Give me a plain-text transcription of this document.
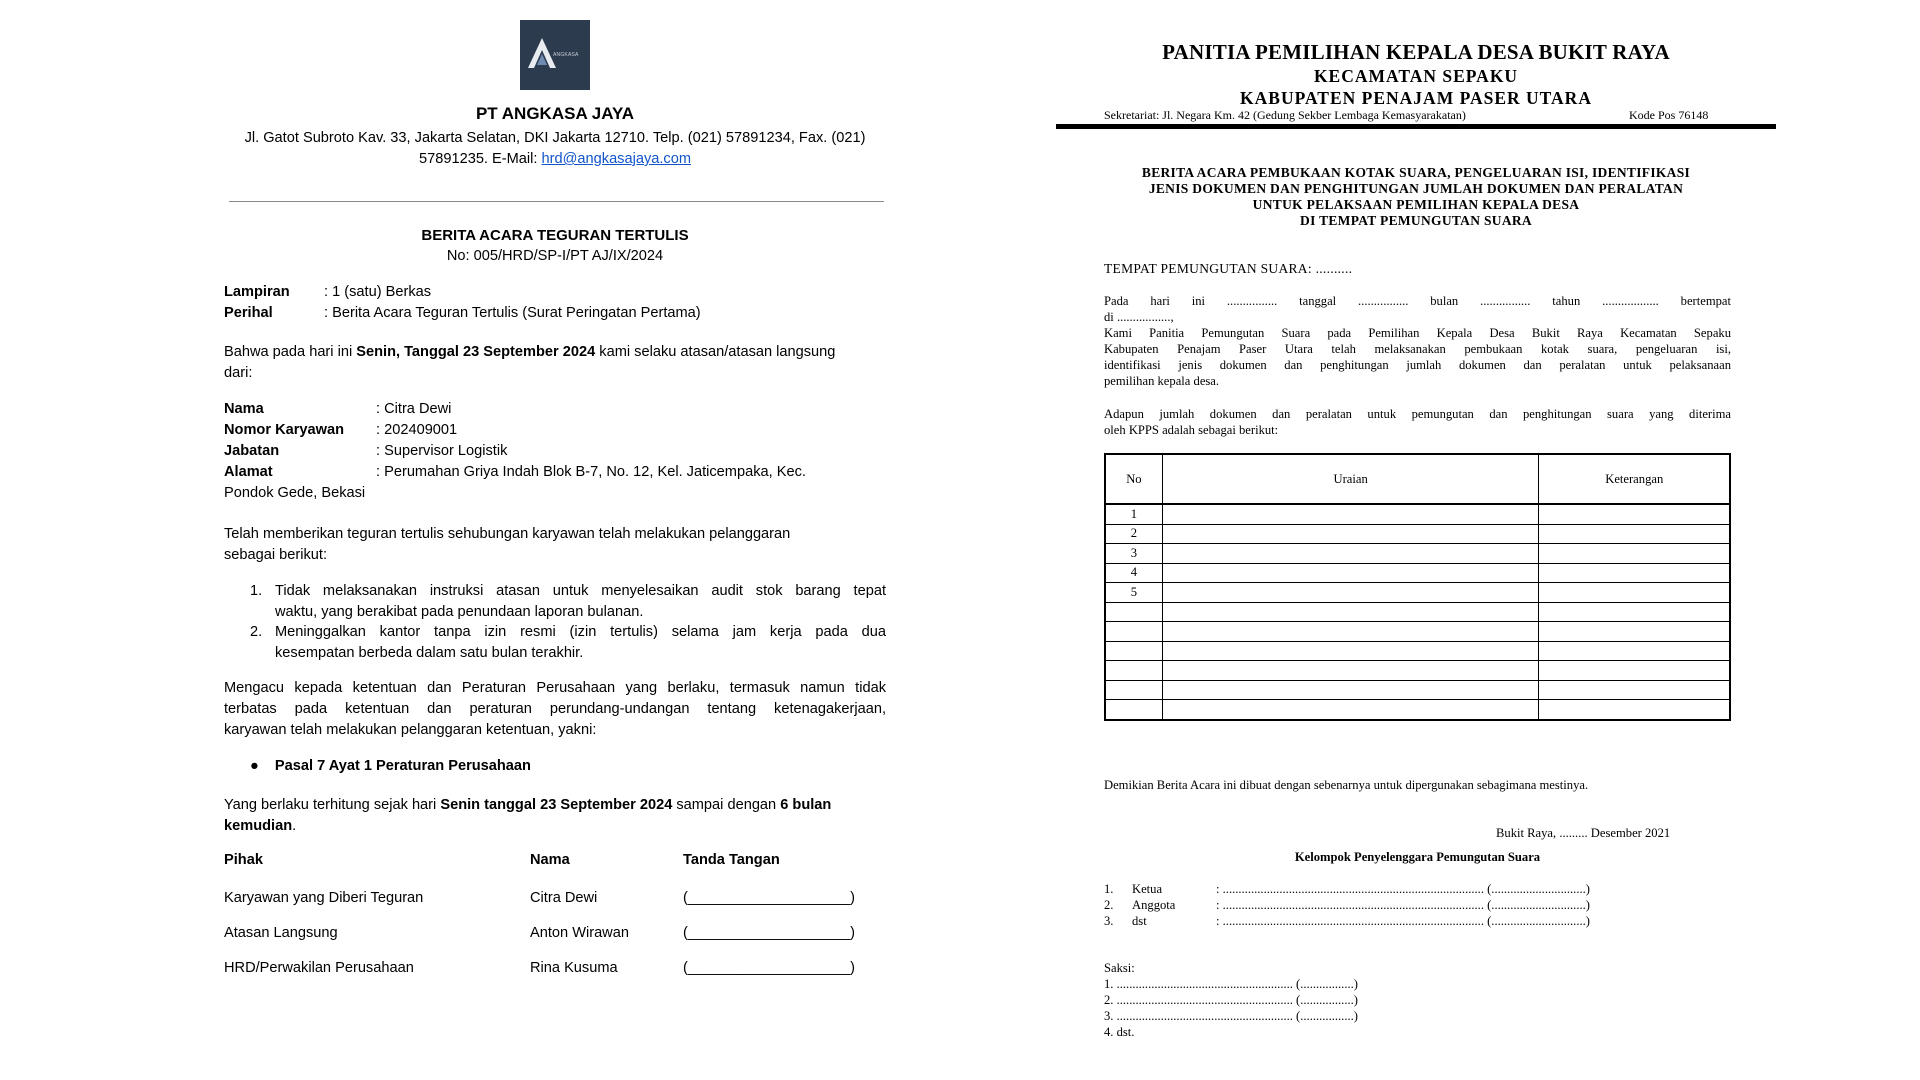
ANGKASA
PT ANGKASA JAYA
Jl. Gatot Subroto Kav. 33, Jakarta Selatan, DKI Jakarta 12710. Telp. (021) 57891234, Fax. (021)
57891235. E-Mail: hrd@angkasajaya.com
BERITA ACARA TEGURAN TERTULIS
No: 005/HRD/SP-I/PT AJ/IX/2024
Lampiran : 1 (satu) Berkas
Perihal	: Berita Acara Teguran Tertulis (Surat Peringatan Pertama)
Bahwa pada hari ini Senin, Tanggal 23 September 2024 kami selaku atasan/atasan langsung
dari:
Nama	: Citra Dewi
Nomor Karyawan : 202409001
Jabatan	: Supervisor Logistik
Alamat	: Perumahan Griya Indah Blok B-7, No. 12, Kel. Jaticempaka, Kec.
Pondok Gede, Bekasi
Telah memberikan teguran tertulis sehubungan karyawan telah melakukan pelanggaran
sebagai berikut:
1. Tidak melaksanakan instruksi atasan untuk menyelesaikan audit stok barang tepat
waktu, yang berakibat pada penundaan laporan bulanan.
2. Meninggalkan kantor tanpa izin resmi (izin tertulis) selama jam kerja pada dua
kesempatan berbeda dalam satu bulan terakhir.
Mengacu kepada ketentuan dan Peraturan Perusahaan yang berlaku, termasuk namun tidak
terbatas pada ketentuan dan peraturan perundang-undangan tentang ketenagakerjaan,
karyawan telah melakukan pelanggaran ketentuan, yakni:
● Pasal 7 Ayat 1 Peraturan Perusahaan
Yang berlaku terhitung sejak hari Senin tanggal 23 September 2024 sampai dengan 6 bulan
kemudian.
Pihak	Nama	Tanda Tangan
Karyawan yang Diberi Teguran	Citra Dewi	(____________________)
Atasan Langsung	Anton Wirawan	(____________________)
HRD/Perwakilan Perusahaan	Rina Kusuma	(____________________)
PANITIA PEMILIHAN KEPALA DESA BUKIT RAYA
KECAMATAN SEPAKU
KABUPATEN PENAJAM PASER UTARA
Sekretariat: Jl. Negara Km. 42 (Gedung Sekber Lembaga Kemasyarakatan)	Kode Pos 76148
BERITA ACARA PEMBUKAAN KOTAK SUARA, PENGELUARAN ISI, IDENTIFIKASI
JENIS DOKUMEN DAN PENGHITUNGAN JUMLAH DOKUMEN DAN PERALATAN
UNTUK PELAKSAAN PEMILIHAN KEPALA DESA
DI TEMPAT PEMUNGUTAN SUARA
TEMPAT PEMUNGUTAN SUARA: ..........
Pada hari ini ................ tanggal ................ bulan ................ tahun .................. bertempat
di .................,
Kami Panitia Pemungutan Suara pada Pemilihan Kepala Desa Bukit Raya Kecamatan Sepaku
Kabupaten Penajam Paser Utara telah melaksanakan pembukaan kotak suara, pengeluaran isi,
identifikasi jenis dokumen dan penghitungan jumlah dokumen dan peralatan untuk pelaksanaan
pemilihan kepala desa.
Adapun jumlah dokumen dan peralatan untuk pemungutan dan penghitungan suara yang diterima
oleh KPPS adalah sebagai berikut:
No	Uraian	Keterangan
1		
2		
3		
4		
5		

Demikian Berita Acara ini dibuat dengan sebenarnya untuk dipergunakan sebagimana mestinya.
Bukit Raya, ......... Desember 2021
Kelompok Penyelenggara Pemungutan Suara
1. Ketua	: ................................................................................... (..............................)
2. Anggota	: ................................................................................... (..............................)
3. dst	: ................................................................................... (..............................)
Saksi:
1. ........................................................ (.................)
2. ........................................................ (.................)
3. ........................................................ (.................)
4. dst.
